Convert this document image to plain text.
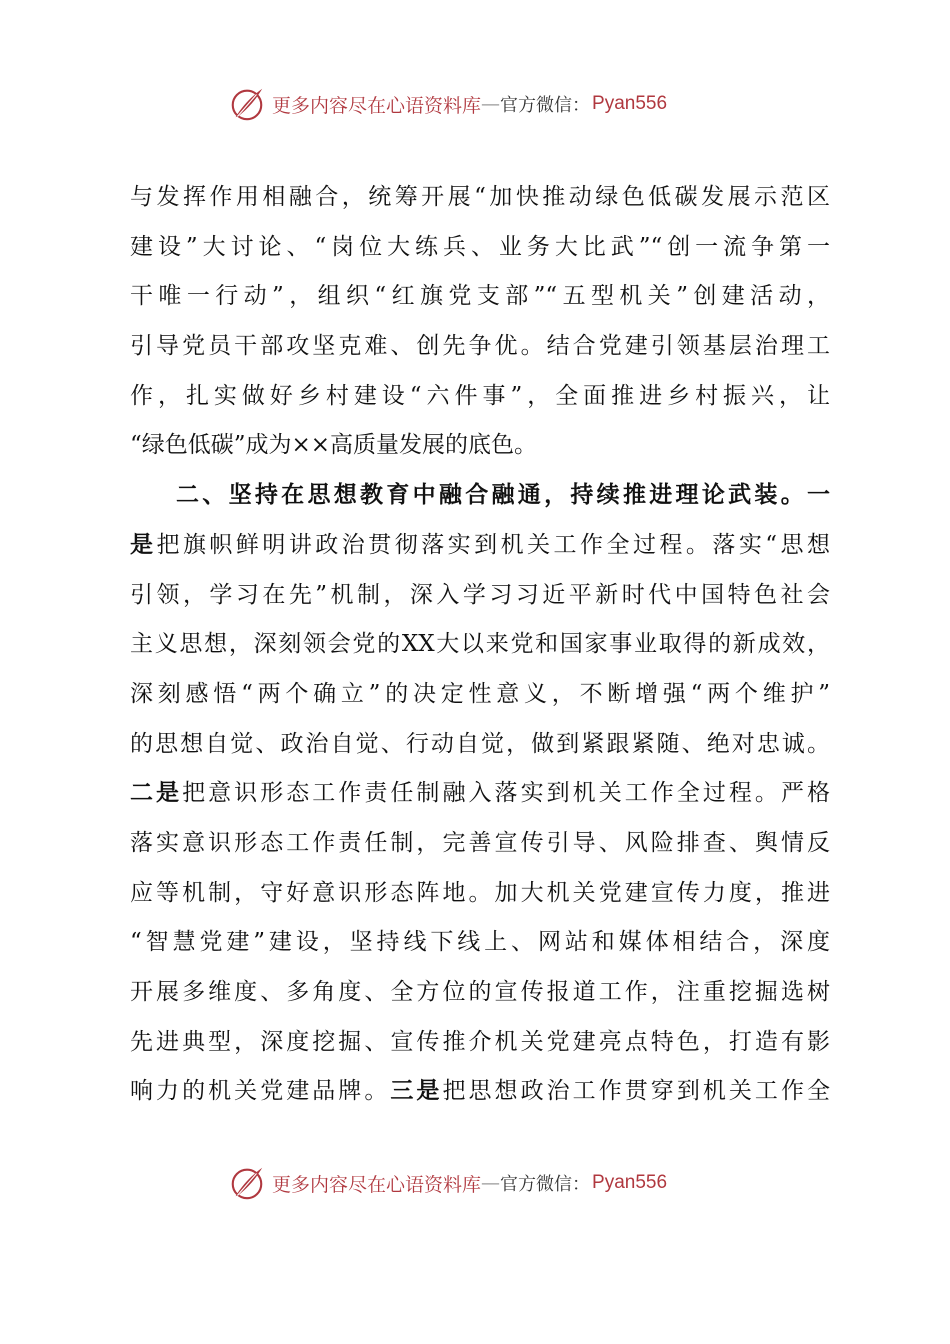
更多内容尽在心语资料库 — 官方微信： Pyan556
与发挥作用相融合，统筹开展“加快推动绿色低碳发展示范区
建设”大讨论、“岗位大练兵、业务大比武”“创一流争第一
干唯一行动”，组织“红旗党支部”“五型机关”创建活动，
引导党员干部攻坚克难、创先争优。结合党建引领基层治理工
作，扎实做好乡村建设“六件事”，全面推进乡村振兴，让
“绿色低碳”成为××高质量发展的底色。
二、坚持在思想教育中融合融通，持续推进理论武装。一
是把旗帜鲜明讲政治贯彻落实到机关工作全过程。落实“思想
引领，学习在先”机制，深入学习习近平新时代中国特色社会
主义思想，深刻领会党的XX大以来党和国家事业取得的新成效，
深刻感悟“两个确立”的决定性意义，不断增强“两个维护”
的思想自觉、政治自觉、行动自觉，做到紧跟紧随、绝对忠诚。
二是把意识形态工作责任制融入落实到机关工作全过程。严格
落实意识形态工作责任制，完善宣传引导、风险排查、舆情反
应等机制，守好意识形态阵地。加大机关党建宣传力度，推进
“智慧党建”建设，坚持线下线上、网站和媒体相结合，深度
开展多维度、多角度、全方位的宣传报道工作，注重挖掘选树
先进典型，深度挖掘、宣传推介机关党建亮点特色，打造有影
响力的机关党建品牌。三是把思想政治工作贯穿到机关工作全
更多内容尽在心语资料库 — 官方微信： Pyan556
